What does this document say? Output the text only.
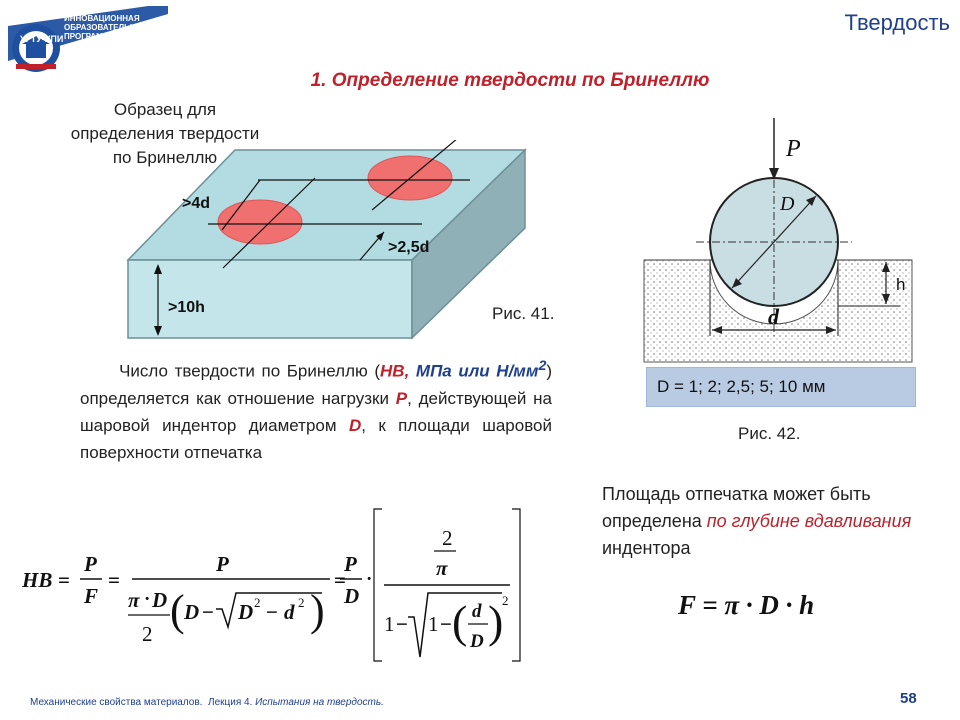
ИННОВАЦИОННАЯ
ОБРАЗОВАТЕЛЬНАЯ
ПРОГРАММА
УГТУ-УПИ
Твердость
1. Определение твердости по Бринеллю
Образец для
определения твердости
по Бринеллю
>4d
>2,5d
>10h	Рис. 41.
P
D
d
h
D = 1; 2; 2,5; 5; 10 мм
Рис. 42.
Число твердости по Бринеллю (НВ, МПа или $Н/мм^2$) определяется как отношение нагрузки P, действующей на шаровой индентор диаметром D, к площади шаровой поверхности отпечатка
Площадь отпечатка может быть определена по глубине вдавливания индентора
F = π · D · h
HB =
P
F
=
P
π · D
2 ( D − D 2 − d 2 )
=
P
D
·
2
π
1 − 1 − ( d
D )
2
Механические свойства материалов. Лекция 4. Испытания на твердость.	58
